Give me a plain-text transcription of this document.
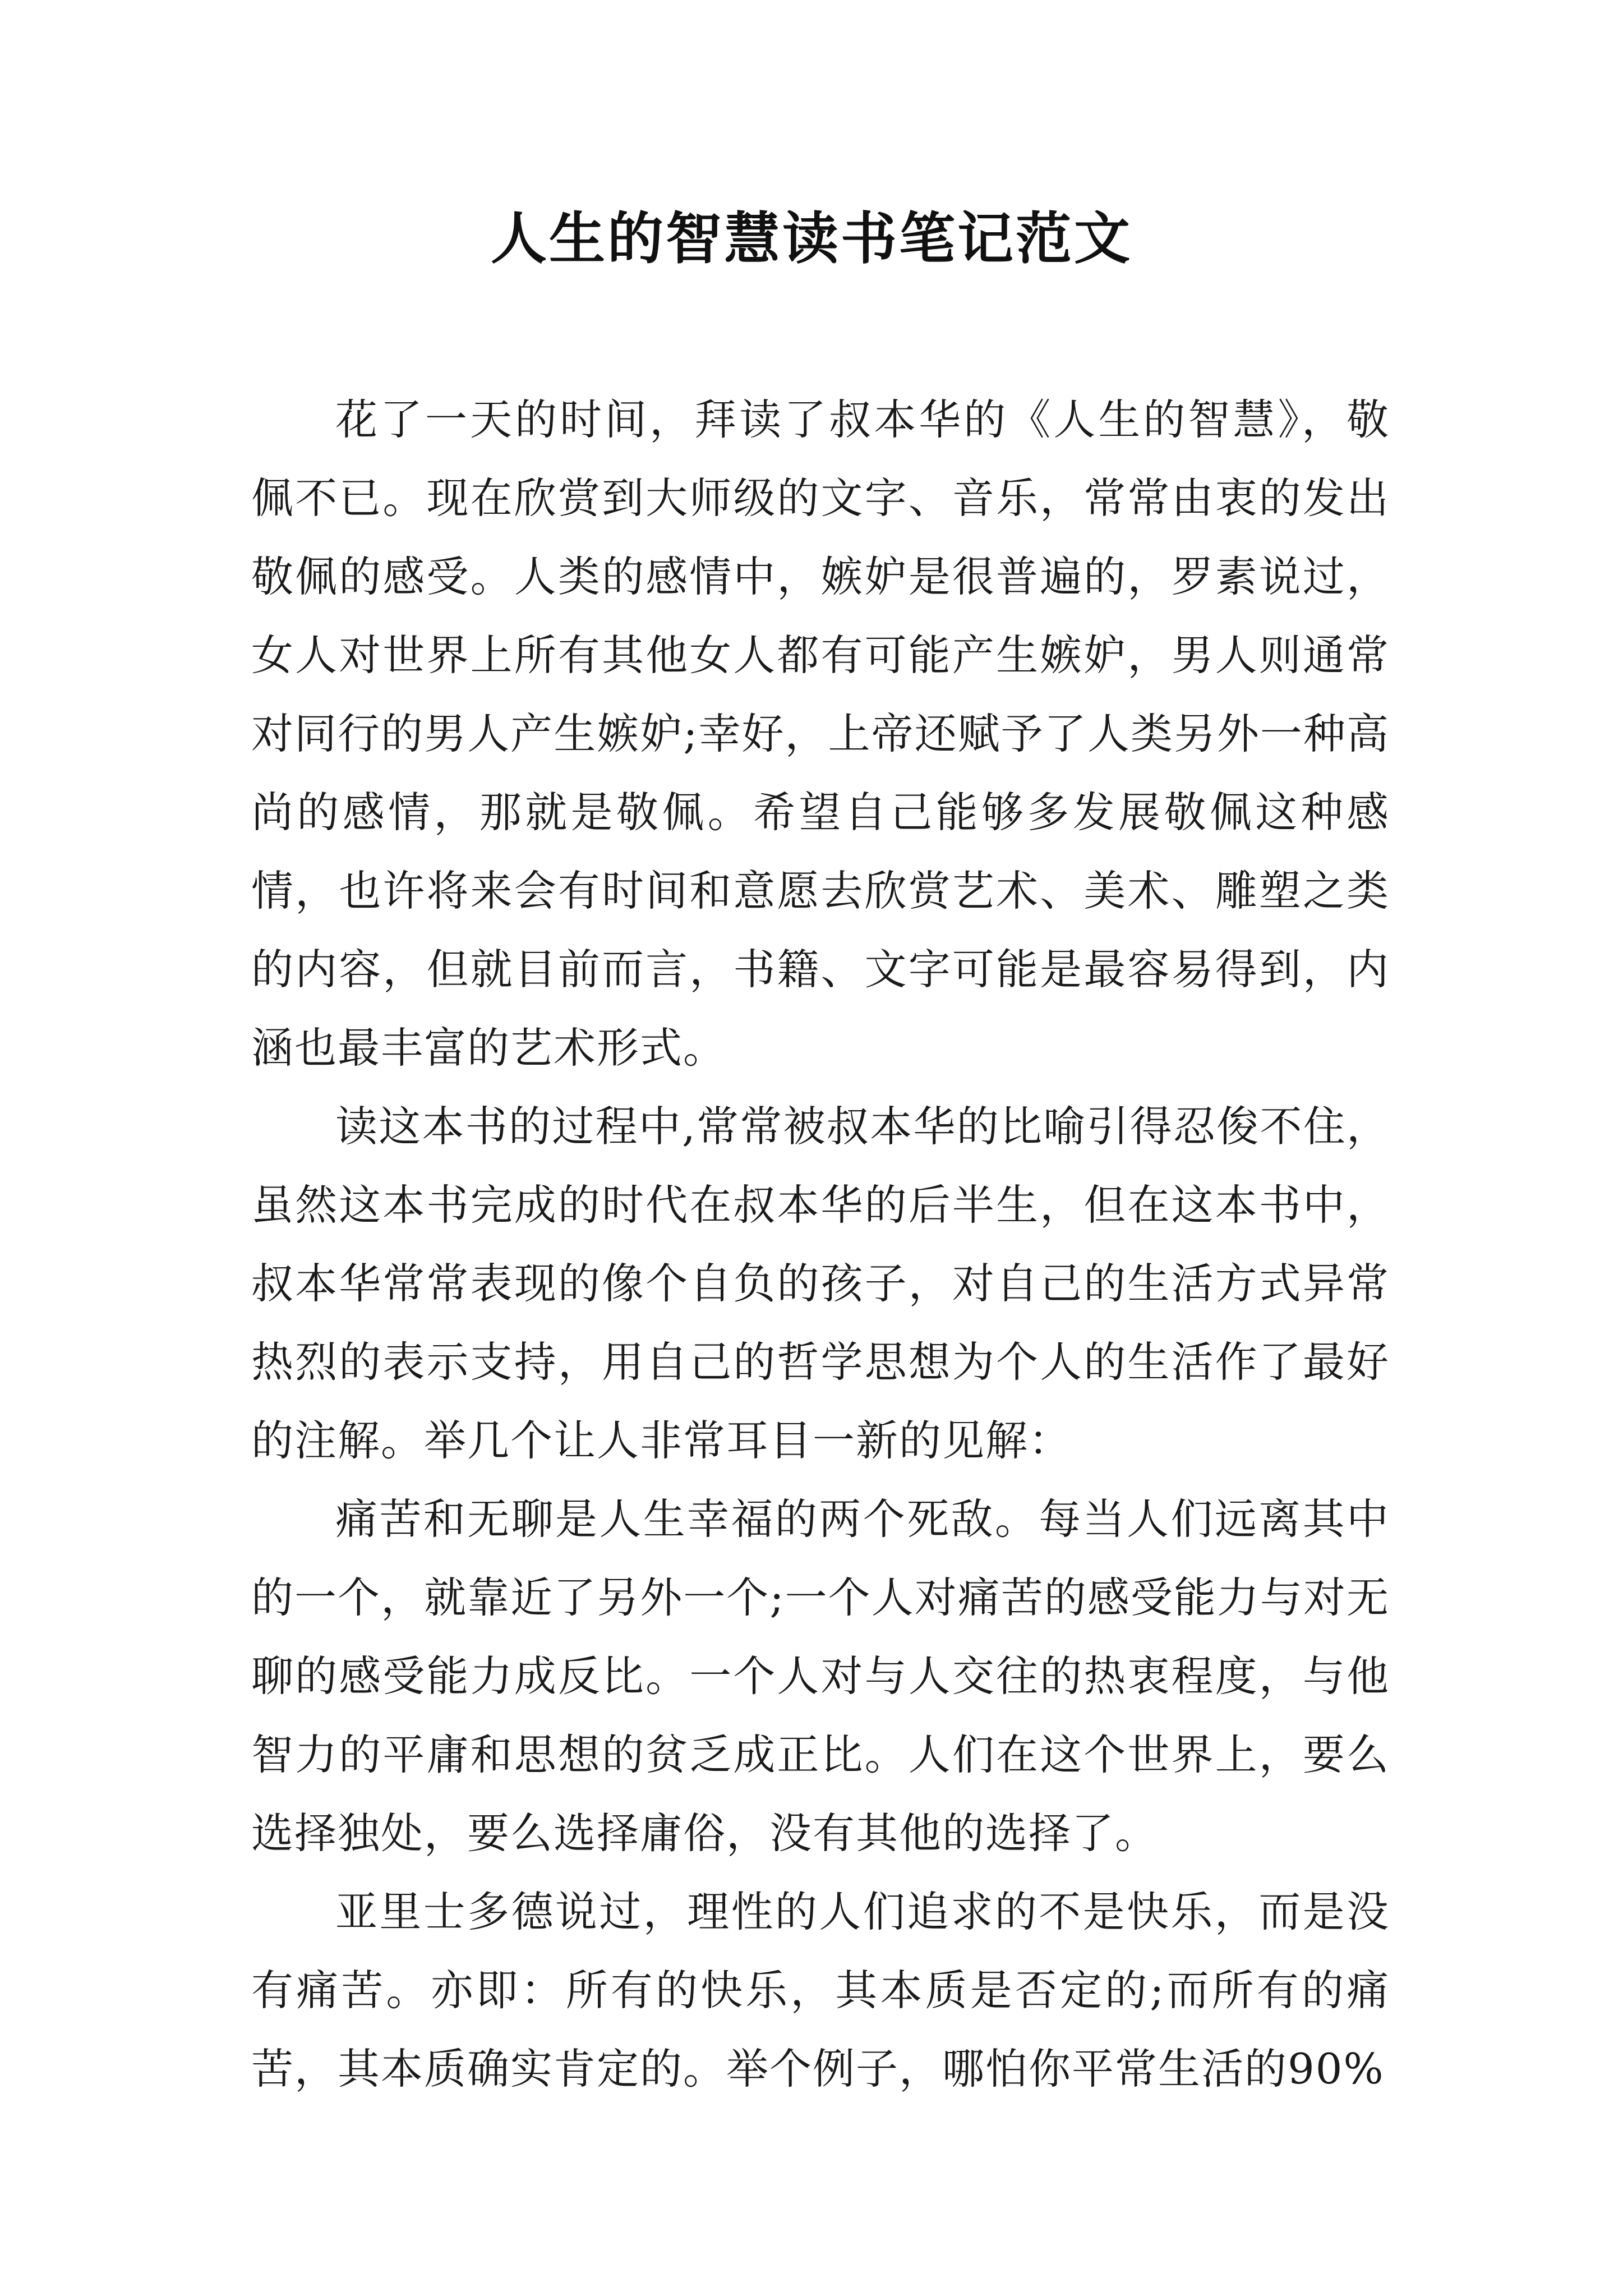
人生的智慧读书笔记范文

花了一天的时间，拜读了叔本华的《人生的智慧》，敬佩不已。现在欣赏到大师级的文字、音乐，常常由衷的发出敬佩的感受。人类的感情中，嫉妒是很普遍的，罗素说过，女人对世界上所有其他女人都有可能产生嫉妒，男人则通常对同行的男人产生嫉妒;幸好，上帝还赋予了人类另外一种高尚的感情，那就是敬佩。希望自己能够多发展敬佩这种感情，也许将来会有时间和意愿去欣赏艺术、美术、雕塑之类的内容，但就目前而言，书籍、文字可能是最容易得到，内涵也最丰富的艺术形式。

读这本书的过程中,常常被叔本华的比喻引得忍俊不住，虽然这本书完成的时代在叔本华的后半生，但在这本书中，叔本华常常表现的像个自负的孩子，对自己的生活方式异常热烈的表示支持，用自己的哲学思想为个人的生活作了最好的注解。举几个让人非常耳目一新的见解：

痛苦和无聊是人生幸福的两个死敌。每当人们远离其中的一个，就靠近了另外一个;一个人对痛苦的感受能力与对无聊的感受能力成反比。一个人对与人交往的热衷程度，与他智力的平庸和思想的贫乏成正比。人们在这个世界上，要么选择独处，要么选择庸俗，没有其他的选择了。

亚里士多德说过，理性的人们追求的不是快乐，而是没有痛苦。亦即：所有的快乐，其本质是否定的;而所有的痛苦，其本质确实肯定的。举个例子，哪怕你平常生活的90%
